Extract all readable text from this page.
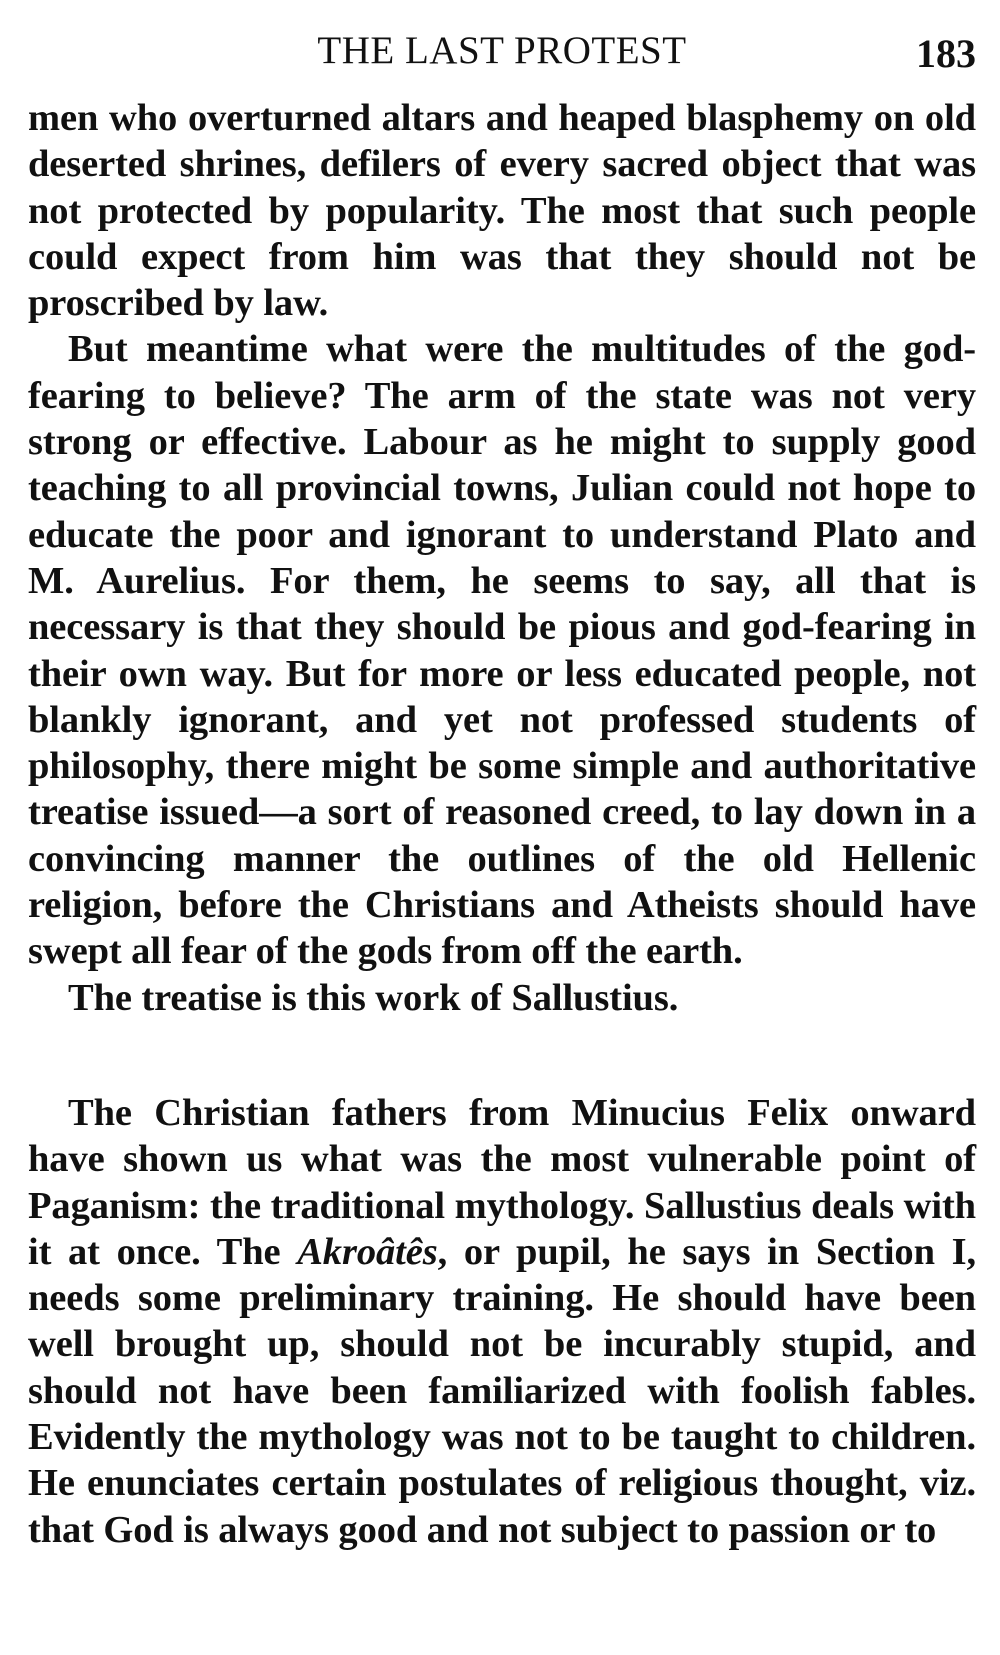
THE LAST PROTEST	183

men who overturned altars and heaped blasphemy on old deserted shrines, defilers of every sacred object that was not protected by popularity. The most that such people could expect from him was that they should not be proscribed by law.

But meantime what were the multitudes of the god-fearing to believe? The arm of the state was not very strong or effective. Labour as he might to supply good teaching to all provincial towns, Julian could not hope to educate the poor and ignorant to understand Plato and M. Aurelius. For them, he seems to say, all that is necessary is that they should be pious and god-fearing in their own way. But for more or less educated people, not blankly ignorant, and yet not professed students of philosophy, there might be some simple and authoritative treatise issued—a sort of reasoned creed, to lay down in a convincing manner the outlines of the old Hellenic religion, before the Christians and Atheists should have swept all fear of the gods from off the earth.

The treatise is this work of Sallustius.

The Christian fathers from Minucius Felix onward have shown us what was the most vulnerable point of Paganism: the traditional mythology. Sallustius deals with it at once. The Akroâtês, or pupil, he says in Section I, needs some preliminary training. He should have been well brought up, should not be incurably stupid, and should not have been familiarized with foolish fables. Evidently the mythology was not to be taught to children. He enunciates certain postulates of religious thought, viz. that God is always good and not subject to passion or to
